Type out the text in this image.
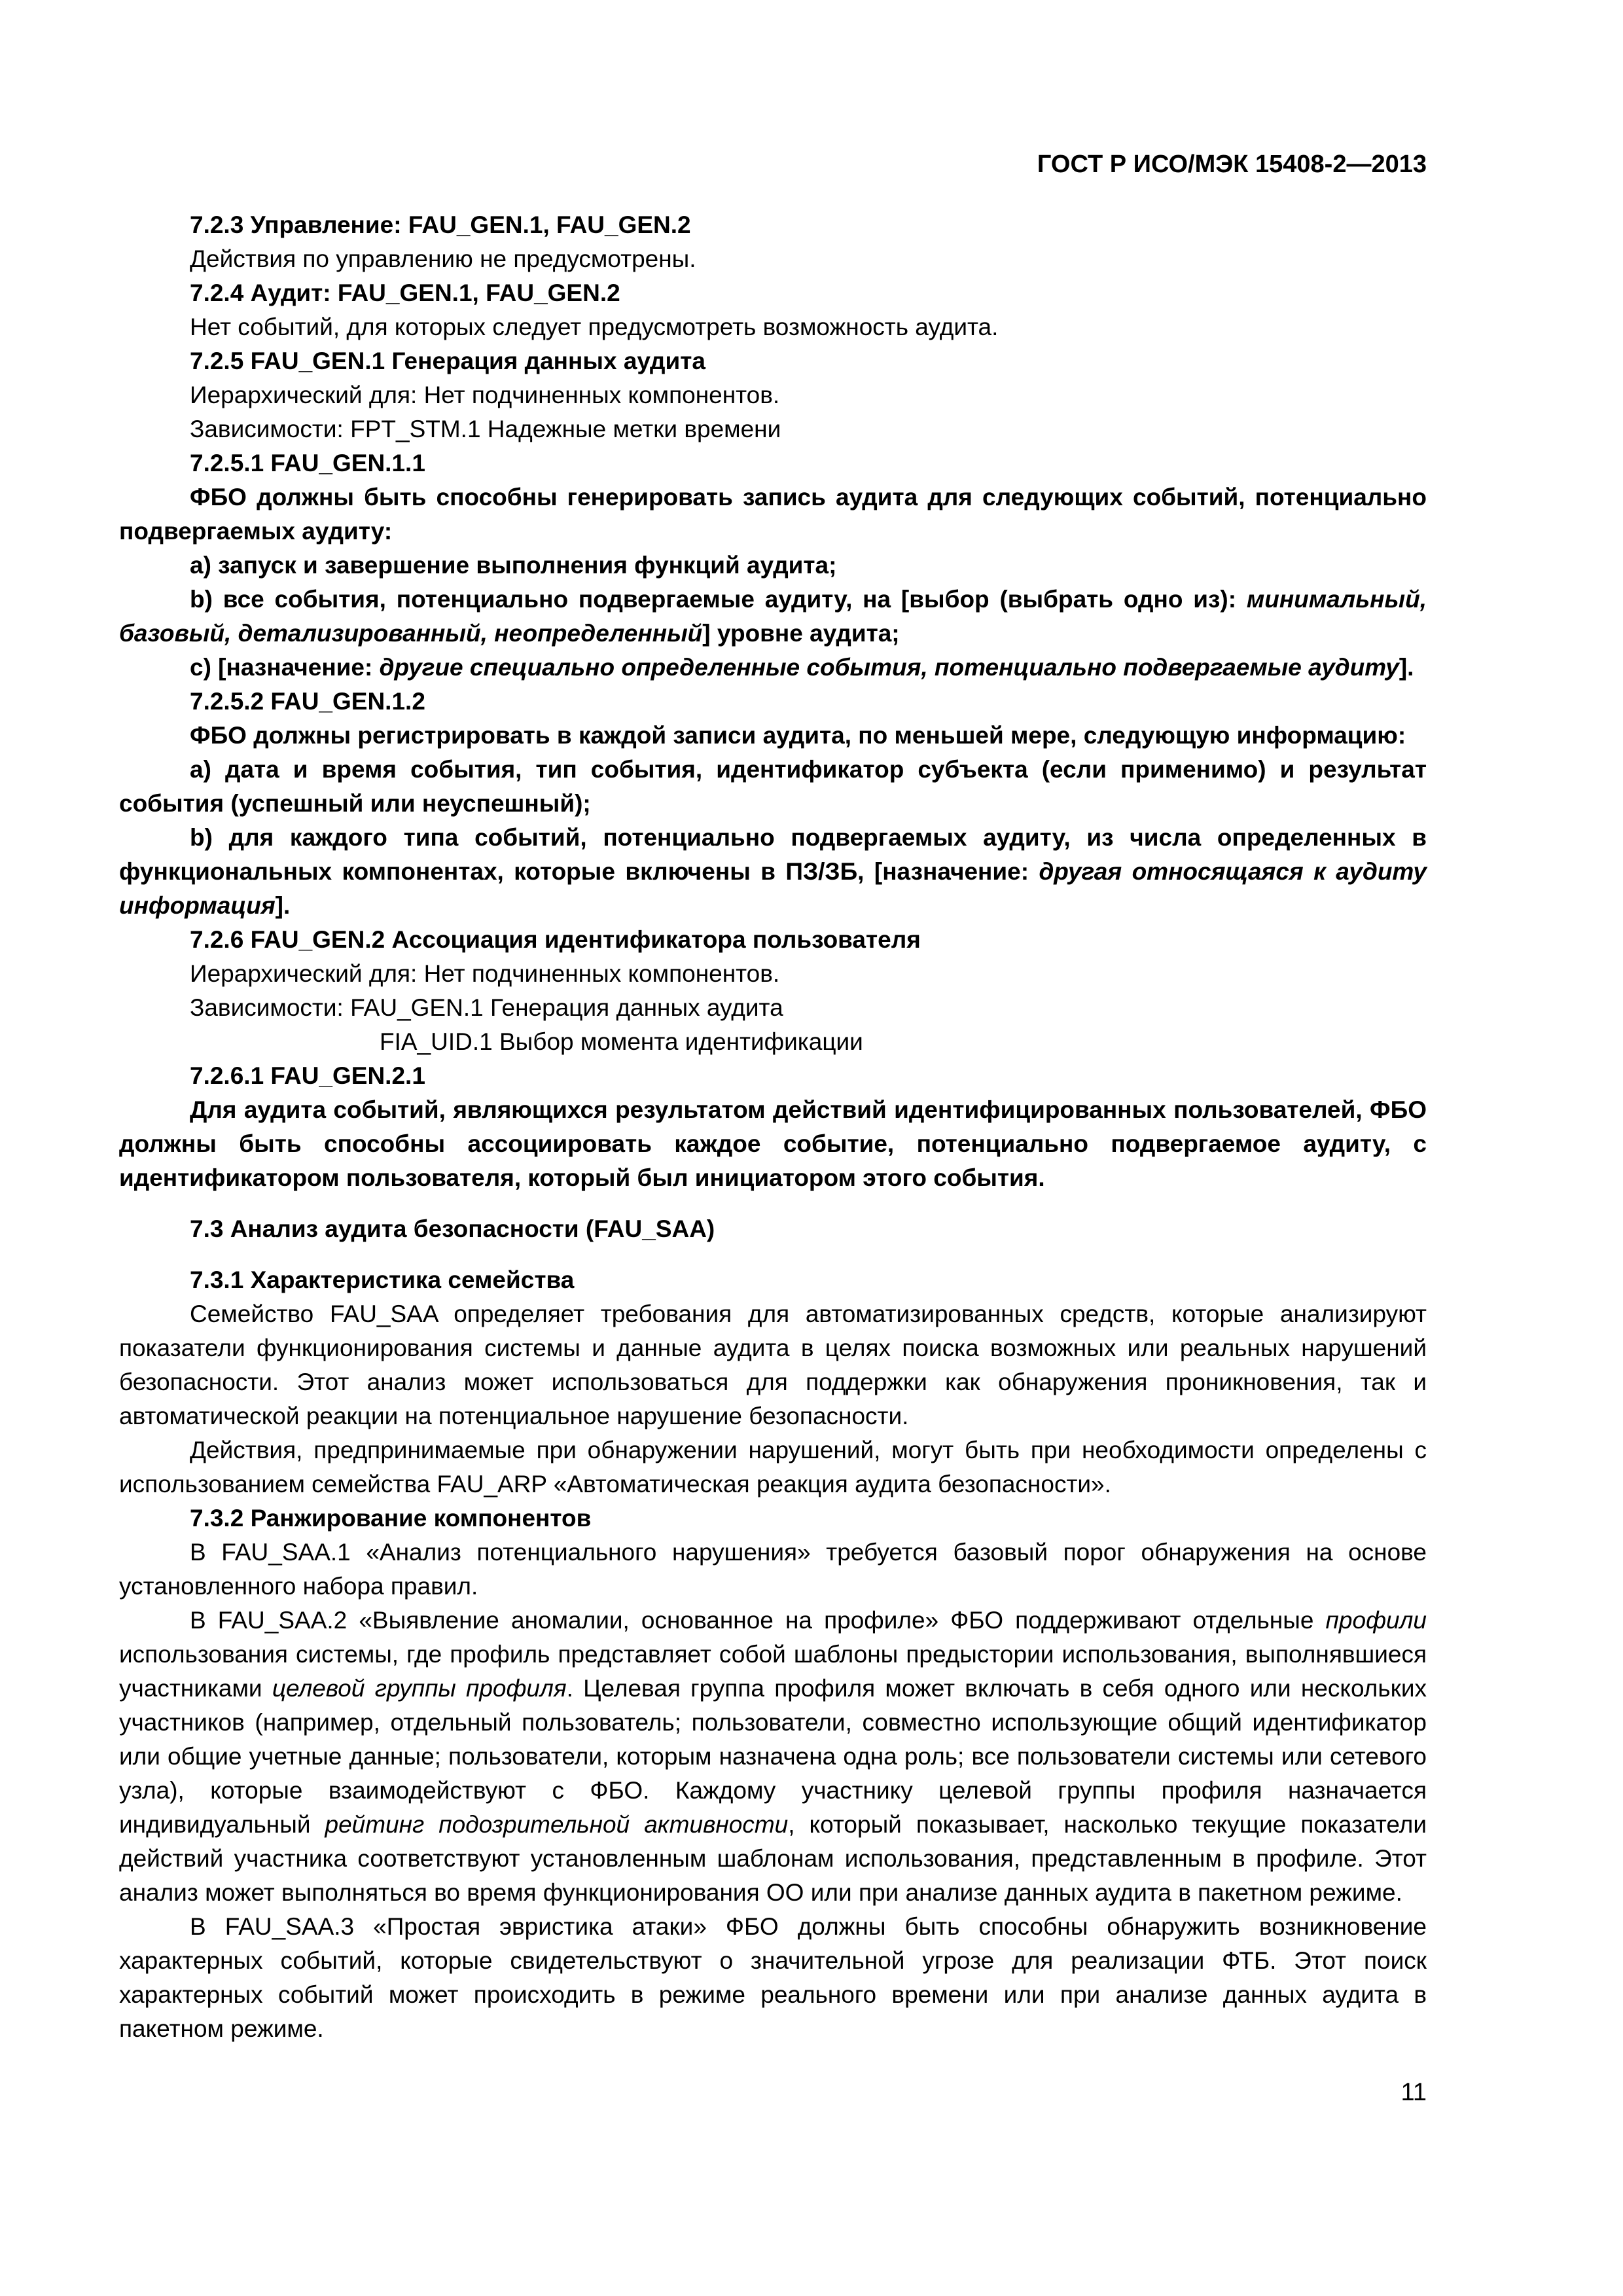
ГОСТ Р ИСО/МЭК 15408-2—2013

7.2.3 Управление: FAU_GEN.1, FAU_GEN.2

Действия по управлению не предусмотрены.

7.2.4 Аудит: FAU_GEN.1, FAU_GEN.2

Нет событий, для которых следует предусмотреть возможность аудита.

7.2.5 FAU_GEN.1 Генерация данных аудита

Иерархический для: Нет подчиненных компонентов.

Зависимости: FPT_STM.1 Надежные метки времени

7.2.5.1 FAU_GEN.1.1

ФБО должны быть способны генерировать запись аудита для следующих событий, потенциально подвергаемых аудиту:

a) запуск и завершение выполнения функций аудита;

b) все события, потенциально подвергаемые аудиту, на [выбор (выбрать одно из): минимальный, базовый, детализированный, неопределенный] уровне аудита;

c) [назначение: другие специально определенные события, потенциально подвергаемые аудиту].

7.2.5.2 FAU_GEN.1.2

ФБО должны регистрировать в каждой записи аудита, по меньшей мере, следующую информацию:

a) дата и время события, тип события, идентификатор субъекта (если применимо) и результат события (успешный или неуспешный);

b) для каждого типа событий, потенциально подвергаемых аудиту, из числа определенных в функциональных компонентах, которые включены в ПЗ/ЗБ, [назначение: другая относящаяся к аудиту информация].

7.2.6 FAU_GEN.2 Ассоциация идентификатора пользователя

Иерархический для: Нет подчиненных компонентов.

Зависимости: FAU_GEN.1 Генерация данных аудита

FIA_UID.1 Выбор момента идентификации

7.2.6.1 FAU_GEN.2.1

Для аудита событий, являющихся результатом действий идентифицированных пользователей, ФБО должны быть способны ассоциировать каждое событие, потенциально подвергаемое аудиту, с идентификатором пользователя, который был инициатором этого события.

7.3 Анализ аудита безопасности (FAU_SAA)

7.3.1 Характеристика семейства

Семейство FAU_SAA определяет требования для автоматизированных средств, которые анализируют показатели функционирования системы и данные аудита в целях поиска возможных или реальных нарушений безопасности. Этот анализ может использоваться для поддержки как обнаружения проникновения, так и автоматической реакции на потенциальное нарушение безопасности.

Действия, предпринимаемые при обнаружении нарушений, могут быть при необходимости определены с использованием семейства FAU_ARP «Автоматическая реакция аудита безопасности».

7.3.2 Ранжирование компонентов

В FAU_SAA.1 «Анализ потенциального нарушения» требуется базовый порог обнаружения на основе установленного набора правил.

В FAU_SAA.2 «Выявление аномалии, основанное на профиле» ФБО поддерживают отдельные профили использования системы, где профиль представляет собой шаблоны предыстории использования, выполнявшиеся участниками целевой группы профиля. Целевая группа профиля может включать в себя одного или нескольких участников (например, отдельный пользователь; пользователи, совместно использующие общий идентификатор или общие учетные данные; пользователи, которым назначена одна роль; все пользователи системы или сетевого узла), которые взаимодействуют с ФБО. Каждому участнику целевой группы профиля назначается индивидуальный рейтинг подозрительной активности, который показывает, насколько текущие показатели действий участника соответствуют установленным шаблонам использования, представленным в профиле. Этот анализ может выполняться во время функционирования ОО или при анализе данных аудита в пакетном режиме.

В FAU_SAA.3 «Простая эвристика атаки» ФБО должны быть способны обнаружить возникновение характерных событий, которые свидетельствуют о значительной угрозе для реализации ФТБ. Этот поиск характерных событий может происходить в режиме реального времени или при анализе данных аудита в пакетном режиме.

11
